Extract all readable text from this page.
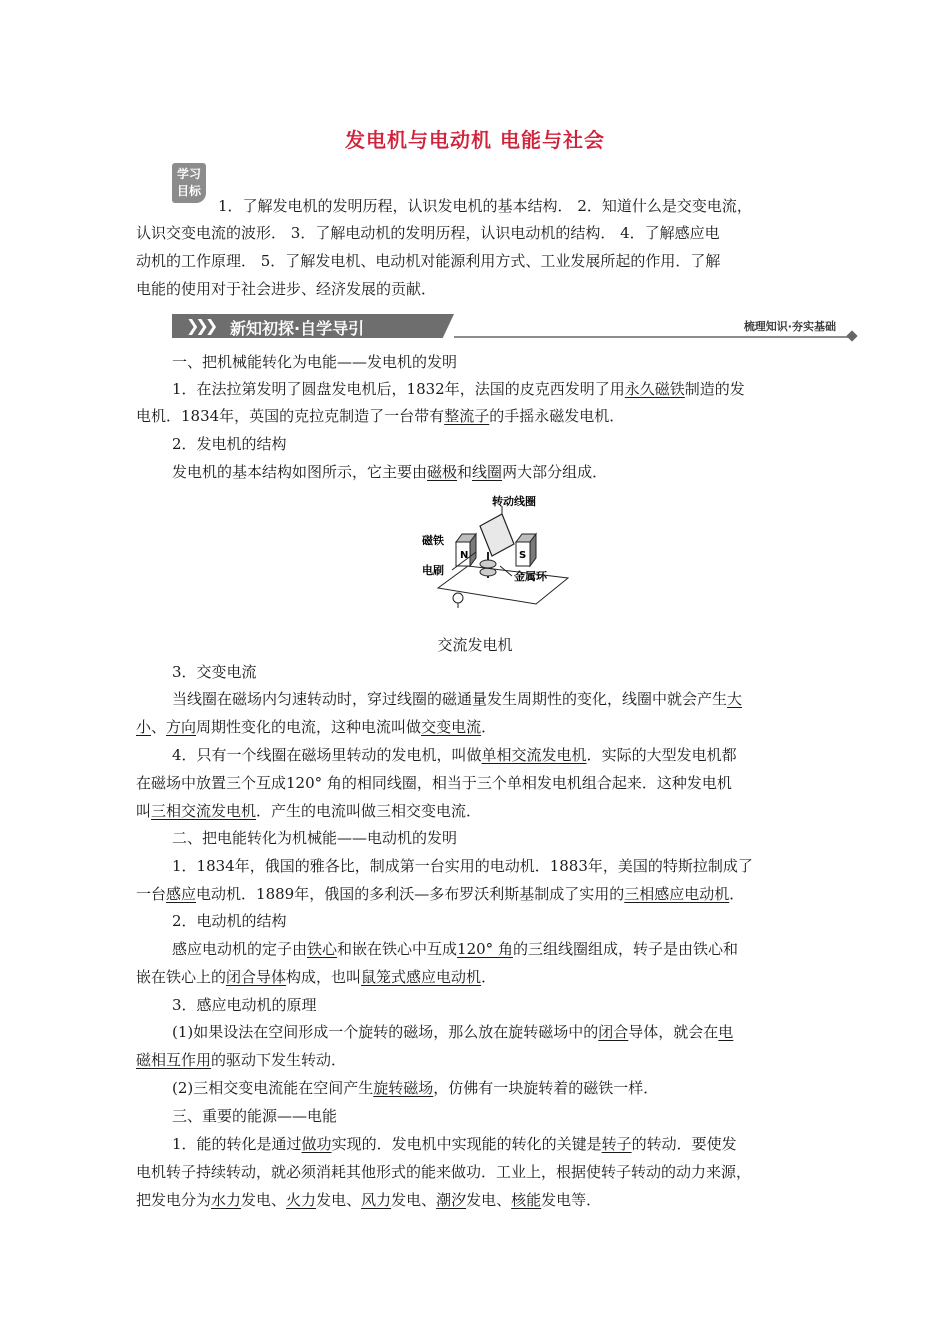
发电机与电动机 电能与社会
学习
目标
1．了解发电机的发明历程，认识发电机的基本结构． 2．知道什么是交变电流，
认识交变电流的波形． 3．了解电动机的发明历程，认识电动机的结构． 4．了解感应电
动机的工作原理． 5．了解发电机、电动机对能源利用方式、工业发展所起的作用．了解
电能的使用对于社会进步、经济发展的贡献．
❯❯❯ 新知初探·自学导引	梳理知识·夯实基础
一、把机械能转化为电能——发电机的发明
1．在法拉第发明了圆盘发电机后，1832年，法国的皮克西发明了用永久磁铁制造的发
电机．1834年，英国的克拉克制造了一台带有整流子的手摇永磁发电机．
2．发电机的结构
发电机的基本结构如图所示，它主要由磁极和线圈两大部分组成．
转动线圈
磁铁
电刷	金属环
N	S
交流发电机
3．交变电流
当线圈在磁场内匀速转动时，穿过线圈的磁通量发生周期性的变化，线圈中就会产生大
小、方向周期性变化的电流，这种电流叫做交变电流．
4．只有一个线圈在磁场里转动的发电机，叫做单相交流发电机．实际的大型发电机都
在磁场中放置三个互成120° 角的相同线圈，相当于三个单相发电机组合起来．这种发电机
叫三相交流发电机．产生的电流叫做三相交变电流．
二、把电能转化为机械能——电动机的发明
1．1834年，俄国的雅各比，制成第一台实用的电动机．1883年，美国的特斯拉制成了
一台感应电动机．1889年，俄国的多利沃—多布罗沃利斯基制成了实用的三相感应电动机．
2．电动机的结构
感应电动机的定子由铁心和嵌在铁心中互成120° 角的三组线圈组成，转子是由铁心和
嵌在铁心上的闭合导体构成，也叫鼠笼式感应电动机．
3．感应电动机的原理
(1)如果设法在空间形成一个旋转的磁场，那么放在旋转磁场中的闭合导体，就会在电
磁相互作用的驱动下发生转动．
(2)三相交变电流能在空间产生旋转磁场，仿佛有一块旋转着的磁铁一样．
三、重要的能源——电能
1．能的转化是通过做功实现的．发电机中实现能的转化的关键是转子的转动．要使发
电机转子持续转动，就必须消耗其他形式的能来做功．工业上，根据使转子转动的动力来源，
把发电分为水力发电、火力发电、风力发电、潮汐发电、核能发电等．
